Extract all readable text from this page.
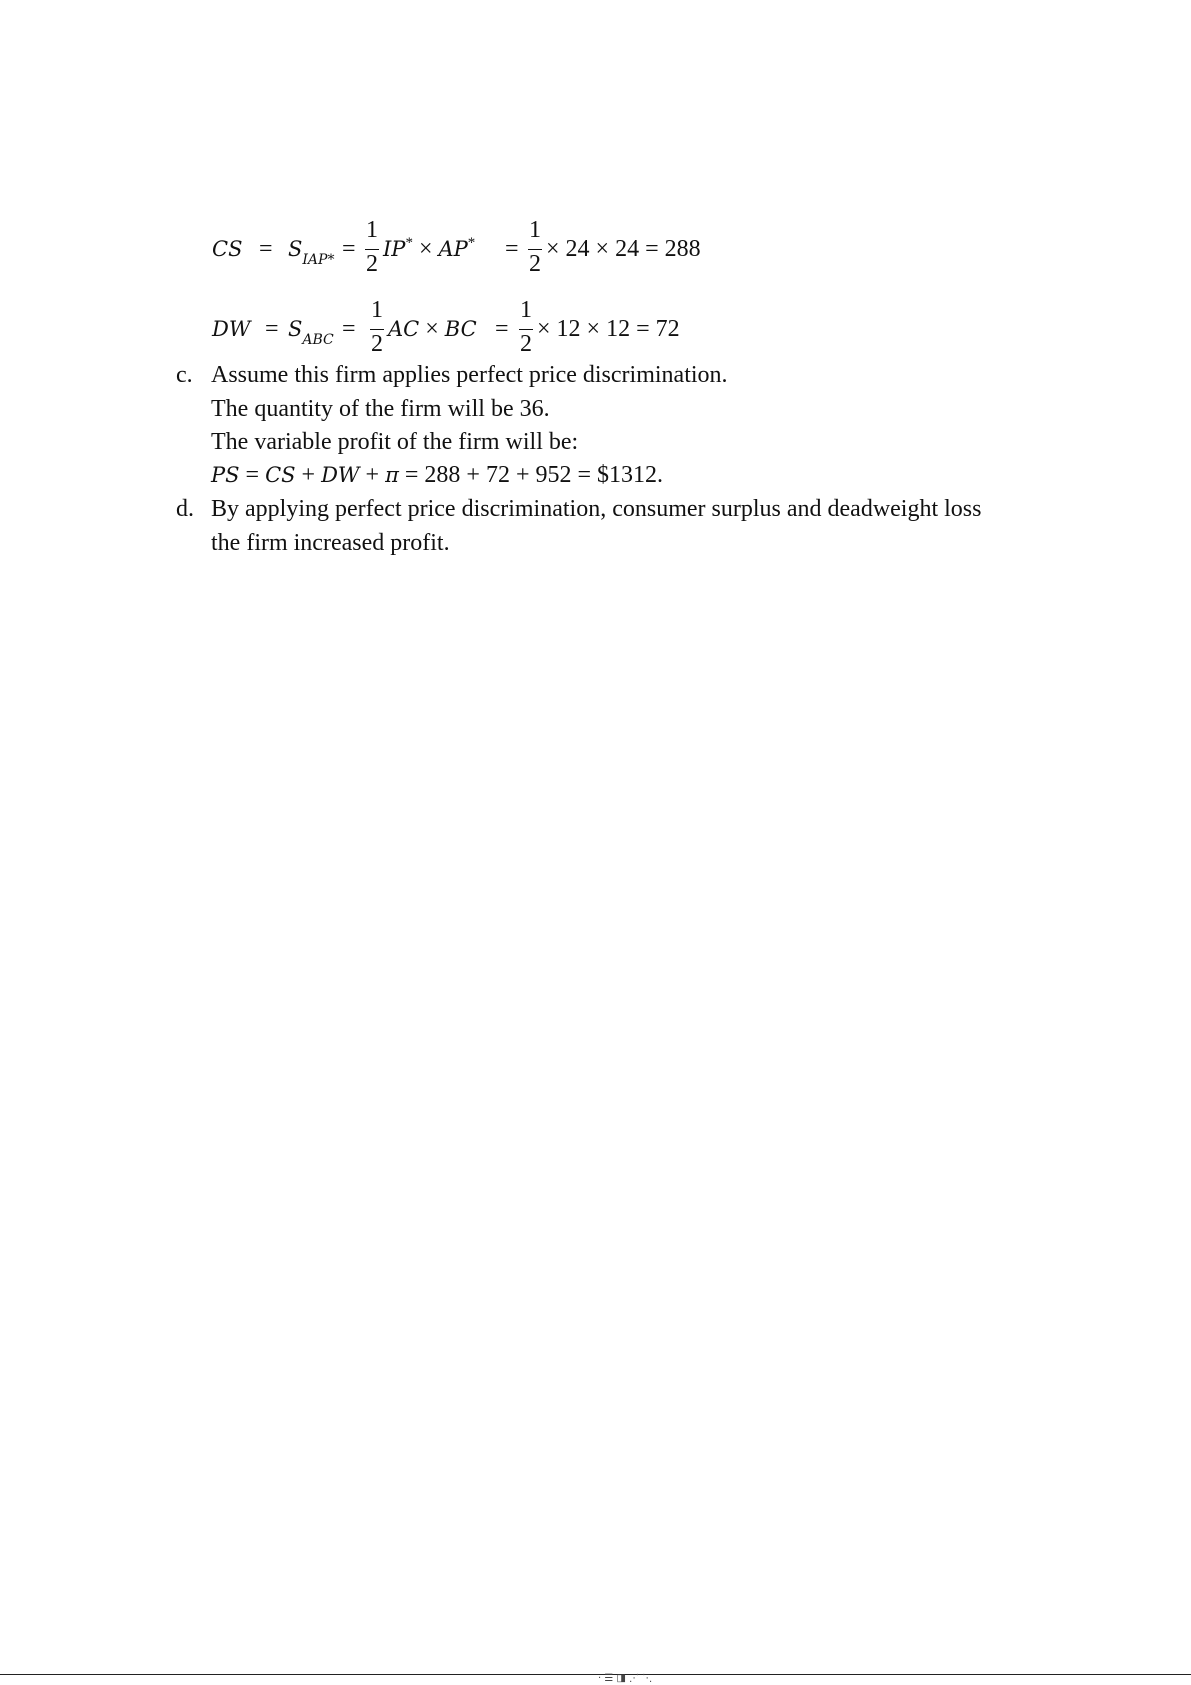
CS = $S_{IAP*}$ =
1
2
IP* × AP* =
1
2
× 24 × 24 = 288
DW = $S_{ABC}$ =
1
2
AC × BC =
1
2
× 12 × 12 = 72
c. Assume this firm applies perfect price discrimination.
The quantity of the firm will be 36.
The variable profit of the firm will be:
PS = CS + DW + π = 288 + 72 + 952 = $1312.
d. By applying perfect price discrimination, consumer surplus and deadweight loss
the firm increased profit.
· ☰ ◨ ⋰ ⋱
